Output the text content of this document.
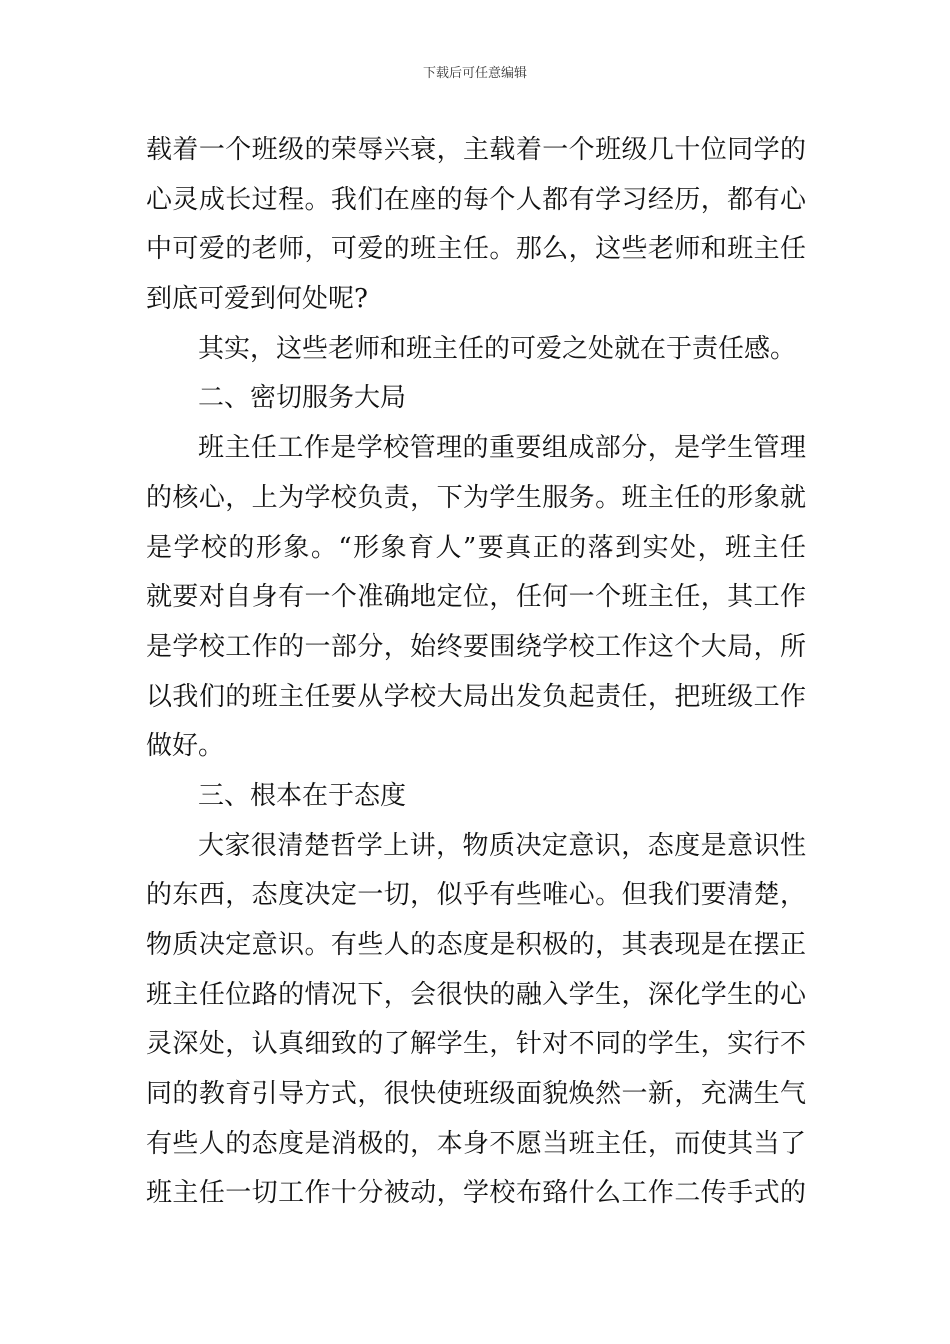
下载后可任意编辑
载着一个班级的荣辱兴衰，主载着一个班级几十位同学的
心灵成长过程。我们在座的每个人都有学习经历，都有心
中可爱的老师，可爱的班主任。那么，这些老师和班主任
到底可爱到何处呢?
其实，这些老师和班主任的可爱之处就在于责任感。
二、密切服务大局
班主任工作是学校管理的重要组成部分，是学生管理
的核心，上为学校负责，下为学生服务。班主任的形象就
是学校的形象。“形象育人”要真正的落到实处，班主任
就要对自身有一个准确地定位，任何一个班主任，其工作
是学校工作的一部分，始终要围绕学校工作这个大局，所
以我们的班主任要从学校大局出发负起责任，把班级工作
做好。
三、根本在于态度
大家很清楚哲学上讲，物质决定意识，态度是意识性
的东西，态度决定一切，似乎有些唯心。但我们要清楚，
物质决定意识。有些人的态度是积极的，其表现是在摆正
班主任位路的情况下，会很快的融入学生，深化学生的心
灵深处，认真细致的了解学生，针对不同的学生，实行不
同的教育引导方式，很快使班级面貌焕然一新，充满生气
有些人的态度是消极的，本身不愿当班主任，而使其当了
班主任一切工作十分被动，学校布臵什么工作二传手式的
